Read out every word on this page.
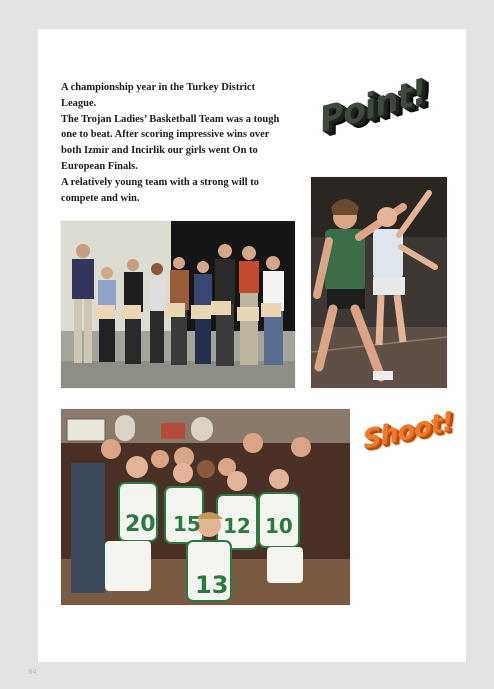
A championship year in the Turkey District League.

The Trojan Ladies’ Basketball Team was a tough one to beat. After scoring impressive wins over both Izmir and Incirlik our girls went On to European Finals.

A relatively young team with a strong will to compete and win.

Point!
20 15 12 10
13
Shoot!
84
